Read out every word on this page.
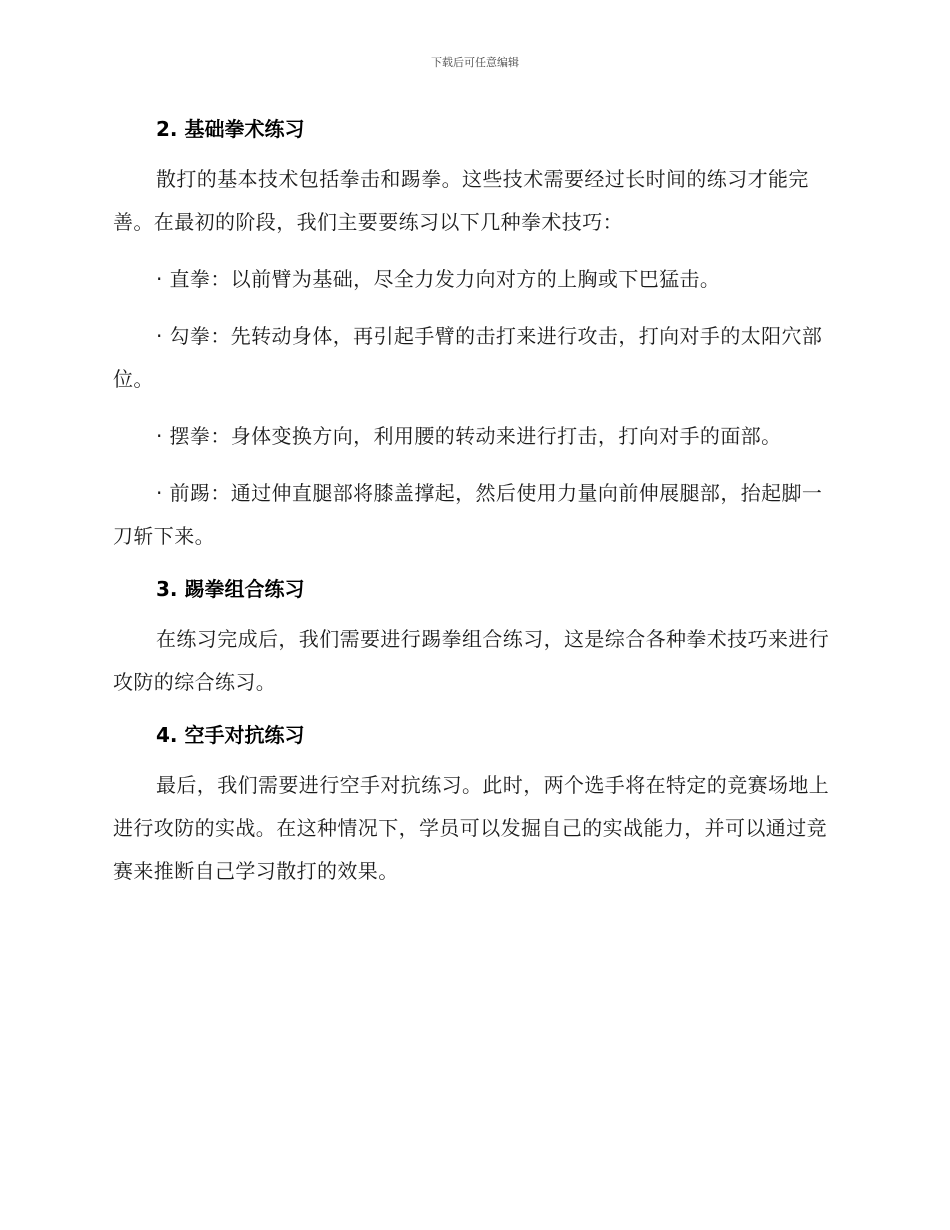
下载后可任意编辑
2. 基础拳术练习

散打的基本技术包括拳击和踢拳。这些技术需要经过长时间的练习才能完善。在最初的阶段，我们主要要练习以下几种拳术技巧：

· 直拳：以前臂为基础，尽全力发力向对方的上胸或下巴猛击。

· 勾拳：先转动身体，再引起手臂的击打来进行攻击，打向对手的太阳穴部位。

· 摆拳：身体变换方向，利用腰的转动来进行打击，打向对手的面部。

· 前踢：通过伸直腿部将膝盖撑起，然后使用力量向前伸展腿部，抬起脚一刀斩下来。

3. 踢拳组合练习

在练习完成后，我们需要进行踢拳组合练习，这是综合各种拳术技巧来进行攻防的综合练习。

4. 空手对抗练习

最后，我们需要进行空手对抗练习。此时，两个选手将在特定的竞赛场地上进行攻防的实战。在这种情况下，学员可以发掘自己的实战能力，并可以通过竞赛来推断自己学习散打的效果。
